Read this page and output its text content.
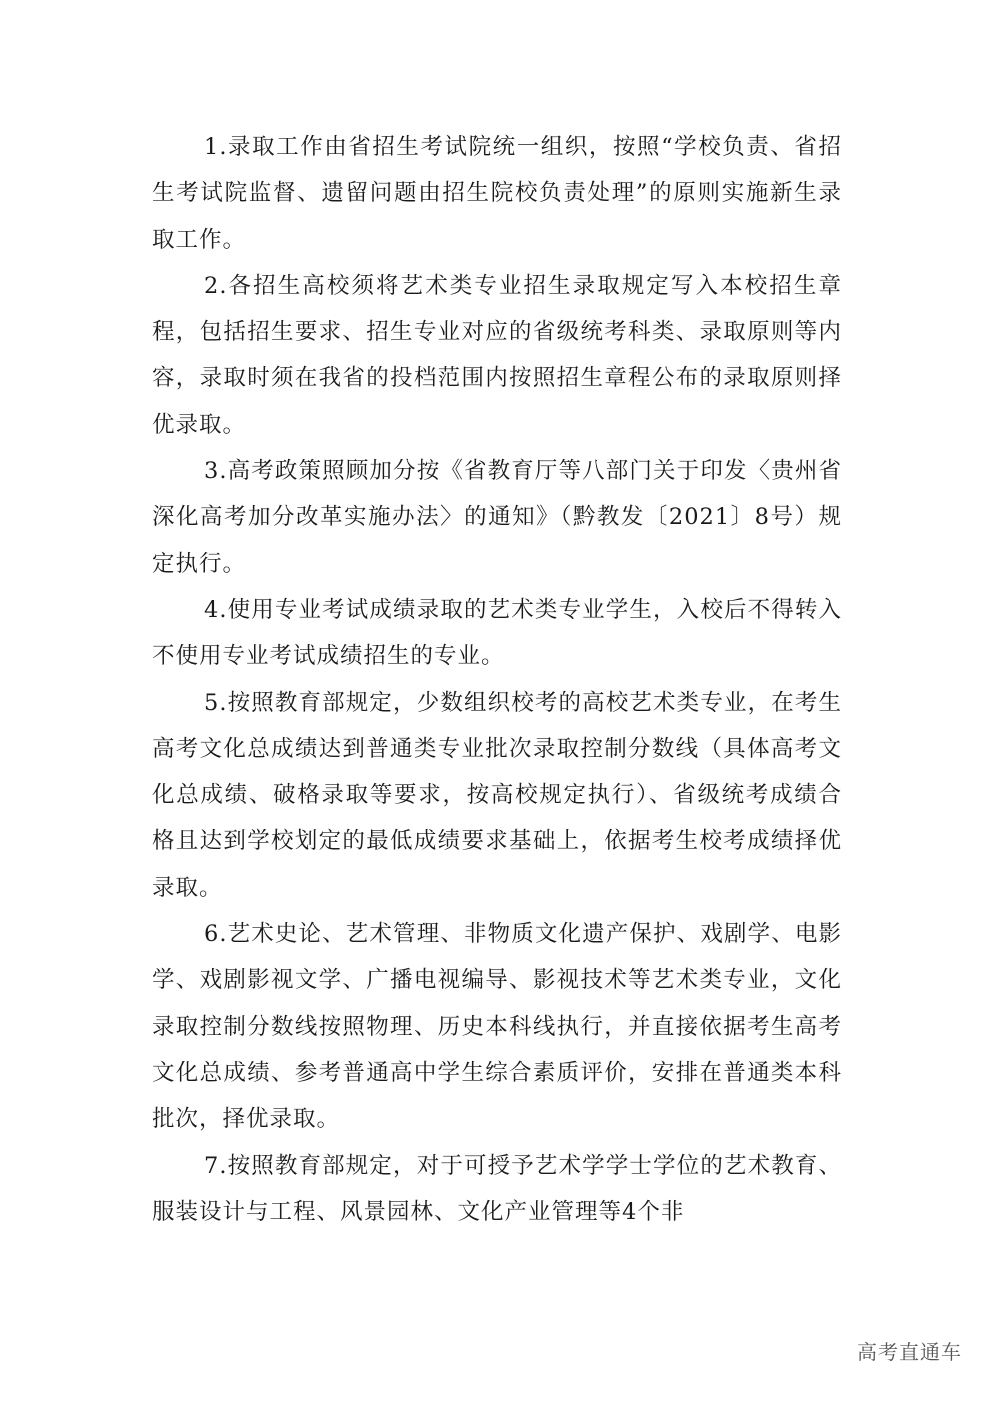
1.录取工作由省招生考试院统一组织，按照“学校负责、省招生考试院监督、遗留问题由招生院校负责处理”的原则实施新生录取工作。

2.各招生高校须将艺术类专业招生录取规定写入本校招生章程，包括招生要求、招生专业对应的省级统考科类、录取原则等内容，录取时须在我省的投档范围内按照招生章程公布的录取原则择优录取。

3.高考政策照顾加分按《省教育厅等八部门关于印发〈贵州省深化高考加分改革实施办法〉的通知》（黔教发〔2021〕8号）规定执行。

4.使用专业考试成绩录取的艺术类专业学生，入校后不得转入不使用专业考试成绩招生的专业。

5.按照教育部规定，少数组织校考的高校艺术类专业，在考生高考文化总成绩达到普通类专业批次录取控制分数线（具体高考文化总成绩、破格录取等要求，按高校规定执行）、省级统考成绩合格且达到学校划定的最低成绩要求基础上，依据考生校考成绩择优录取。

6.艺术史论、艺术管理、非物质文化遗产保护、戏剧学、电影学、戏剧影视文学、广播电视编导、影视技术等艺术类专业，文化录取控制分数线按照物理、历史本科线执行，并直接依据考生高考文化总成绩、参考普通高中学生综合素质评价，安排在普通类本科批次，择优录取。

7.按照教育部规定，对于可授予艺术学学士学位的艺术教育、服装设计与工程、风景园林、文化产业管理等4个非

高考直通车
